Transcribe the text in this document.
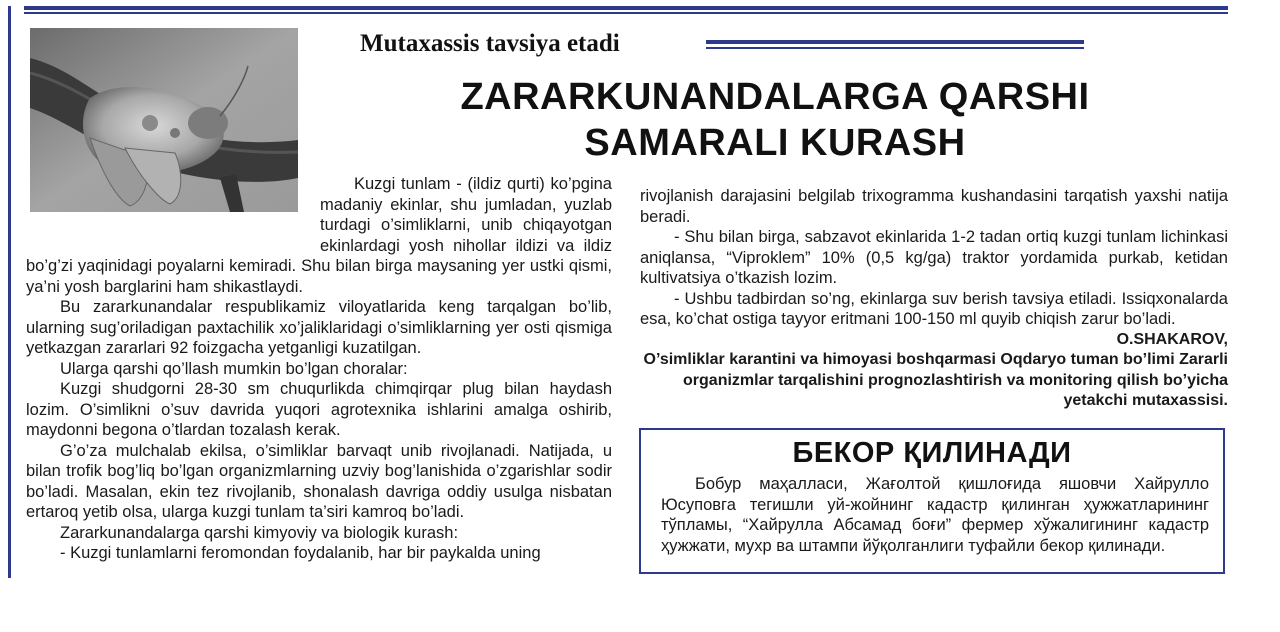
Mutaxassis tavsiya etadi
ZARARKUNANDALARGA QARSHI
SAMARALI KURASH

Kuzgi tunlam - (ildiz qurti) ko’pgina madaniy ekinlar, shu jumladan, yuzlab turdagi o’simliklarni, unib chiqayotgan ekinlardagi yosh nihollar ildizi va ildiz bo’g’zi yaqinidagi poyalarni kemiradi. Shu bilan birga maysaning yer ustki qismi, ya’ni yosh barglarini ham shikastlaydi.

Bu zararkunandalar respublikamiz viloyatlarida keng tarqalgan bo’lib, ularning sug’oriladigan paxtachilik xo’jaliklaridagi o’simliklarning yer osti qismiga yetkazgan zararlari 92 foizgacha yetganligi kuzatilgan.

Ularga qarshi qo’llash mumkin bo’lgan choralar:

Kuzgi shudgorni 28-30 sm chuqurlikda chimqirqar plug bilan haydash lozim. O’simlikni o’suv davrida yuqori agrotexnika ishlarini amalga oshirib, maydonni begona o’tlardan tozalash kerak.

G’o’za mulchalab ekilsa, o’simliklar barvaqt unib rivojlanadi. Natijada, u bilan trofik bog’liq bo’lgan organizmlarning uzviy bog’lanishida o’zgarishlar sodir bo’ladi. Masalan, ekin tez rivojlanib, shonalash davriga oddiy usulga nisbatan ertaroq yetib olsa, ularga kuzgi tunlam ta’siri kamroq bo’ladi.

Zararkunandalarga qarshi kimyoviy va biologik kurash:

- Kuzgi tunlamlarni feromondan foydalanib, har bir paykalda uning

rivojlanish darajasini belgilab trixogramma kushandasini tarqatish yaxshi natija beradi.

- Shu bilan birga, sabzavot ekinlarida 1-2 tadan ortiq kuzgi tunlam lichinkasi aniqlansa, “Viproklem” 10% (0,5 kg/ga) traktor yordamida purkab, ketidan kultivatsiya o’tkazish lozim.

- Ushbu tadbirdan so’ng, ekinlarga suv berish tavsiya etiladi. Issiqxonalarda esa, ko’chat ostiga tayyor eritmani 100-150 ml quyib chiqish zarur bo’ladi.

O.SHAKAROV,

O’simliklar karantini va himoyasi boshqarmasi Oqdaryo tuman bo’limi Zararli organizmlar tarqalishini prognozlashtirish va monitoring qilish bo’yicha yetakchi mutaxassisi.

БЕКОР ҚИЛИНАДИ

Бобур маҳалласи, Жағолтой қишлоғида яшовчи Хайрулло Юсуповга тегишли уй-жойнинг кадастр қилинган ҳужжатларининг тўпламы, “Хайрулла Абсамад боғи” фермер хўжалигининг кадастр ҳужжати, мухр ва штампи йўқолганлиги туфайли бекор қилинади.
